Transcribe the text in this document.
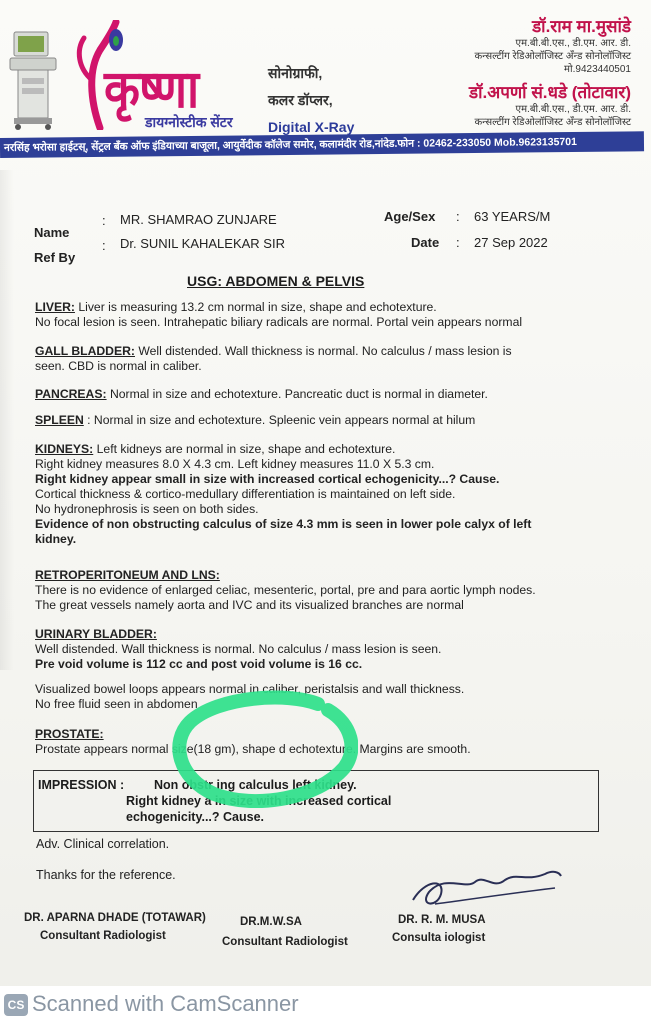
कृष्णा
डायग्नोस्टीक सेंटर
सोनोग्राफी,
कलर डॉप्लर,
Digital X-Ray
डॉ.राम मा.मुसांडे
एम.बी.बी.एस., डी.एम. आर. डी.
कन्सल्टींग रेडिओलॉजिस्ट अँन्ड सोनोलॉजिस्ट
मो.9423440501
डॉ.अपर्णा सं.धडे (तोटावार)
एम.बी.बी.एस., डी.एम. आर. डी.
कन्सल्टींग रेडिओलॉजिस्ट अँन्ड सोनोलॉजिस्ट
नरसिंह भरोसा हाईटस्, सेंट्रल बँक ऑफ इंडियाच्या बाजूला, आयुर्वेदीक कॉलेज समोर, कलामंदीर रोड,नांदेड.फोन : 02462-233050 Mob.9623135701
Name
: MR. SHAMRAO ZUNJARE
Ref By
: Dr. SUNIL KAHALEKAR SIR
Age/Sex : 63 YEARS/M
Date : 27 Sep 2022
USG: ABDOMEN & PELVIS
LIVER: Liver is measuring 13.2 cm normal in size, shape and echotexture.
No focal lesion is seen. Intrahepatic biliary radicals are normal. Portal vein appears normal
GALL BLADDER: Well distended. Wall thickness is normal. No calculus / mass lesion is
seen. CBD is normal in caliber.
PANCREAS: Normal in size and echotexture. Pancreatic duct is normal in diameter.
SPLEEN : Normal in size and echotexture. Spleenic vein appears normal at hilum
KIDNEYS: Left kidneys are normal in size, shape and echotexture.
Right kidney measures 8.0 X 4.3 cm. Left kidney measures 11.0 X 5.3 cm.
Right kidney appear small in size with increased cortical echogenicity...? Cause.
Cortical thickness & cortico-medullary differentiation is maintained on left side.
No hydronephrosis is seen on both sides.
Evidence of non obstructing calculus of size 4.3 mm is seen in lower pole calyx of left
kidney.
RETROPERITONEUM AND LNS:
There is no evidence of enlarged celiac, mesenteric, portal, pre and para aortic lymph nodes.
The great vessels namely aorta and IVC and its visualized branches are normal
URINARY BLADDER:
Well distended. Wall thickness is normal. No calculus / mass lesion is seen.
Pre void volume is 112 cc and post void volume is 16 cc.
Visualized bowel loops appears normal in caliber, peristalsis and wall thickness.
No free fluid seen in abdomen
PROSTATE:
Prostate appears normal size(18 gm), shape d echotexture. Margins are smooth.
IMPRESSION : Non obstr ing calculus left kidney.
Right kidney a in size with increased cortical
echogenicity...? Cause.
Adv. Clinical correlation.
Thanks for the reference.
DR. APARNA DHADE (TOTAWAR)
Consultant Radiologist
DR.M.W.SA
Consultant Radiologist
DR. R. M. MUSA
Consulta iologist
CS Scanned with CamScanner
